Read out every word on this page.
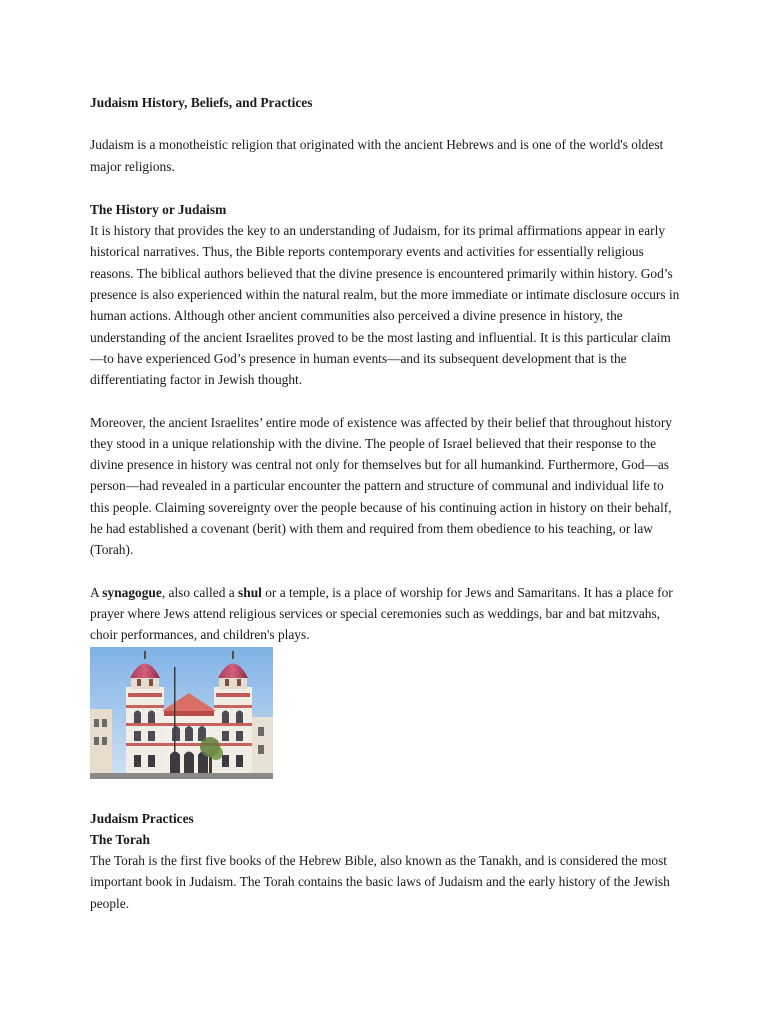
Judaism History, Beliefs, and Practices

Judaism is a monotheistic religion that originated with the ancient Hebrews and is one of the world's oldest major religions.

The History or Judaism

It is history that provides the key to an understanding of Judaism, for its primal affirmations appear in early historical narratives. Thus, the Bible reports contemporary events and activities for essentially religious reasons. The biblical authors believed that the divine presence is encountered primarily within history. God’s presence is also experienced within the natural realm, but the more immediate or intimate disclosure occurs in human actions. Although other ancient communities also perceived a divine presence in history, the understanding of the ancient Israelites proved to be the most lasting and influential. It is this particular claim—to have experienced God’s presence in human events—and its subsequent development that is the differentiating factor in Jewish thought.

Moreover, the ancient Israelites’ entire mode of existence was affected by their belief that throughout history they stood in a unique relationship with the divine. The people of Israel believed that their response to the divine presence in history was central not only for themselves but for all humankind. Furthermore, God—as person—had revealed in a particular encounter the pattern and structure of communal and individual life to this people. Claiming sovereignty over the people because of his continuing action in history on their behalf, he had established a covenant (berit) with them and required from them obedience to his teaching, or law (Torah).

A synagogue, also called a shul or a temple, is a place of worship for Jews and Samaritans. It has a place for prayer where Jews attend religious services or special ceremonies such as weddings, bar and bat mitzvahs, choir performances, and children's plays.

Judaism Practices

The Torah

The Torah is the first five books of the Hebrew Bible, also known as the Tanakh, and is considered the most important book in Judaism. The Torah contains the basic laws of Judaism and the early history of the Jewish people.
